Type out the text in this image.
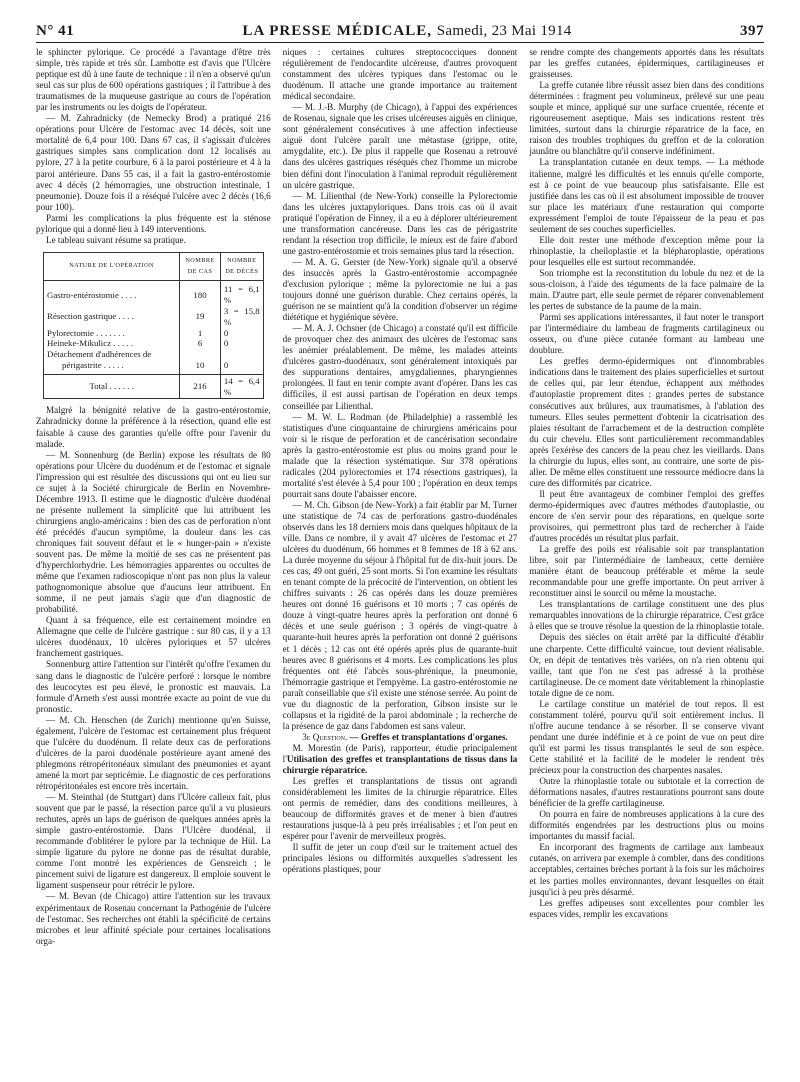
N° 41	LA PRESSE MÉDICALE, Samedi, 23 Mai 1914	397

le sphincter pylorique. Ce procédé a l'avantage d'être très simple, très rapide et très sûr. Lambotte est d'avis que l'Ulcère peptique est dû à une faute de technique : il n'en a observé qu'un seul cas sur plus de 600 opérations gastriques ; il l'attribue à des traumatismes de la muqueuse gastrique au cours de l'opération par les instruments ou les doigts de l'opérateur.

— M. Zahradnicky (de Nemecky Brod) a pratiqué 216 opérations pour Ulcère de l'estomac avec 14 décès, soit une mortalité de 6,4 pour 100. Dans 67 cas, il s'agissait d'ulcères gastriques simples sans complication dont 12 localisés au pylore, 27 à la petite courbure, 6 à la paroi postérieure et 4 à la paroi antérieure. Dans 55 cas, il a fait la gastro-entérostomie avec 4 décès (2 hémorragies, une obstruction intestinale, 1 pneumonie). Douze fois il a réséqué l'ulcère avec 2 décès (16,6 pour 100).

Parmi les complications la plus fréquente est la sténose pylorique qui a donné lieu à 149 interventions.

Le tableau suivant résume sa pratique.

NATURE DE L'OPÉRATION	NOMBRE DE CAS	NOMBRE DE DÉCÈS
Gastro-entérostomie . . . .	180	11 = 6,1 %
Résection gastrique . . . .	19	3 = 15,8 %
Pylorectomie . . . . . . .	1	0
Heineke-Mikulicz . . . . .	6	0
Détachement d'adhérences de		
périgastrite . . . . .	10	0
Total . . . . . .	216	14 = 6,4 %

Malgré la bénignité relative de la gastro-entérostomie, Zahradnicky donne la préférence à la résection, quand elle est faisable à cause des garanties qu'elle offre pour l'avenir du malade.

— M. Sonnenburg (de Berlin) expose les résultats de 80 opérations pour Ulcère du duodénum et de l'estomac et signale l'impression qui est résultée des discussions qui ont eu lieu sur ce sujet à la Société chirurgicale de Berlin en Novembre-Décembre 1913. Il estime que le diagnostic d'ulcère duodénal ne présente nullement la simplicité que lui attribuent les chirurgiens anglo-américains : bien des cas de perforation n'ont été précédés d'aucun symptôme, la douleur dans les cas chroniques fait souvent défaut et le « hunger-pain » n'existe souvent pas. De même la moitié de ses cas ne présentent pas d'hyperchlorhydrie. Les hémorragies apparentes ou occultes de même que l'examen radioscopique n'ont pas non plus la valeur pathognomonique absolue que d'aucuns leur attribuent. En somme, il ne peut jamais s'agir que d'un diagnostic de probabilité.

Quant à sa fréquence, elle est certainement moindre en Allemagne que celle de l'ulcère gastrique : sur 80 cas, il y a 13 ulcères duodénaux, 10 ulcères pyloriques et 57 ulcères franchement gastriques.

Sonnenburg attire l'attention sur l'intérêt qu'offre l'examen du sang dans le diagnostic de l'ulcère perforé : lorsque le nombre des leucocytes est peu élevé, le pronostic est mauvais. La formule d'Arneth s'est aussi montrée exacte au point de vue du pronostic.

— M. Ch. Henschen (de Zurich) mentionne qu'en Suisse, également, l'ulcère de l'estomac est certainement plus fréquent que l'ulcère du duodénum. Il relate deux cas de perforations d'ulcères de la paroi duodénale postérieure ayant amené des phlegmons rétropéritonéaux simulant des pneumonies et ayant amené la mort par septicémie. Le diagnostic de ces perforations rétropéritonéales est encore très incertain.

— M. Steinthal (de Stuttgart) dans l'Ulcère calleux fait, plus souvent que par le passé, la résection parce qu'il a vu plusieurs rechutes, après un laps de guérison de quelques années après la simple gastro-entérostomie. Dans l'Ulcère duodénal, il recommande d'oblitérer le pylore par la technique de Hül. La simple ligature du pylore ne donne pas de résultat durable, comme l'ont montré les expériences de Gensreich ; le pincement suivi de ligature est dangereux. Il emploie souvent le ligament suspenseur pour rétrécir le pylore.

— M. Bevan (de Chicago) attire l'attention sur les travaux expérimentaux de Rosenau concernant la Pathogénie de l'ulcère de l'estomac. Ses recherches ont établi la spécificité de certains microbes et leur affinité spéciale pour certaines localisations orga-

niques : certaines cultures streptococciques donnent régulièrement de l'endocardite ulcéreuse, d'autres provoquent constamment des ulcères typiques dans l'estomac ou le duodénum. Il attache une grande importance au traitement médical secondaire.

— M. J.-B. Murphy (de Chicago), à l'appui des expériences de Rosenau, signale que les crises ulcéreuses aiguës en clinique, sont généralement consécutives à une affection infectieuse aiguë dont l'ulcère paraît une métastase (grippe, otite, amygdalite, etc.). De plus il rappelle que Rosenau a retrouvé dans des ulcères gastriques réséqués chez l'homme un microbe bien défini dont l'inoculation à l'animal reproduit régulièrement un ulcère gastrique.

— M. Lilienthal (de New-York) conseille la Pylorectomie dans les ulcères juxtapyloriques. Dans trois cas où il avait pratiqué l'opération de Finney, il a eu à déplorer ultérieurement une transformation cancéreuse. Dans les cas de périgastrite rendant la résection trop difficile, le mieux est de faire d'abord une gastro-entérostomie et trois semaines plus tard la résection.

— M. A. G. Gerster (de New-York) signale qu'il a observé des insuccès après la Gastro-entérostomie accompagnée d'exclusion pylorique ; même la pylorectomie ne lui a pas toujours donné une guérison durable. Chez certains opérés, la guérison ne se maintient qu'à la condition d'observer un régime diététique et hygiénique sévère.

— M. A. J. Ochsner (de Chicago) a constaté qu'il est difficile de provoquer chez des animaux des ulcères de l'estomac sans les anémier préalablement. De même, les malades atteints d'ulcères gastro-duodénaux, sont généralement intoxiqués par des suppurations dentaires, amygdaliennes, pharyngiennes prolongées. Il faut en tenir compte avant d'opérer. Dans les cas difficiles, il est aussi partisan de l'opération en deux temps conseillée par Lilienthal.

— M. W. L. Rodman (de Philadelphie) a rassemblé les statistiques d'une cinquantaine de chirurgiens américains pour voir si le risque de perforation et de cancérisation secondaire après la gastro-entérostomie est plus ou moins grand pour le malade que la résection systématique. Sur 378 opérations radicales (204 pylorectomies et 174 résections gastriques), la mortalité s'est élevée à 5,4 pour 100 ; l'opération en deux temps pourrait sans doute l'abaisser encore.

— M. Ch. Gibson (de New-York) a fait établir par M. Turner une statistique de 74 cas de perforations gastro-duodénales observés dans les 18 derniers mois dans quelques hôpitaux de la ville. Dans ce nombre, il y avait 47 ulcères de l'estomac et 27 ulcères du duodénum, 66 hommes et 8 femmes de 18 à 62 ans. La durée moyenne du séjour à l'hôpital fut de dix-huit jours. De ces cas, 49 ont guéri, 25 sont morts. Si l'on examine les résultats en tenant compte de la précocité de l'intervention, on obtient les chiffres suivants : 26 cas opérés dans les douze premières heures ont donné 16 guérisons et 10 morts ; 7 cas opérés de douze à vingt-quatre heures après la perforation ont donné 6 décès et une seule guérison ; 3 opérés de vingt-quatre à quarante-huit heures après la perforation ont donné 2 guérisons et 1 décès ; 12 cas ont été opérés après plus de quarante-huit heures avec 8 guérisons et 4 morts. Les complications les plus fréquentes ont été l'abcès sous-phrénique, la pneumonie, l'hémorragie gastrique et l'empyème. La gastro-entérostomie ne paraît conseillable que s'il existe une sténose serrée. Au point de vue du diagnostic de la perforation, Gibson insiste sur le collapsus et la rigidité de la paroi abdominale ; la recherche de la présence de gaz dans l'abdomen est sans valeur.

3e Question. — Greffes et transplantations d'organes.

M. Morestin (de Paris), rapporteur, étudie principalement l'Utilisation des greffes et transplantations de tissus dans la chirurgie réparatrice.

Les greffes et transplantations de tissus ont agrandi considérablement les limites de la chirurgie réparatrice. Elles ont permis de remédier, dans des conditions meilleures, à beaucoup de difformités graves et de mener à bien d'autres restaurations jusque-là à peu près irréalisables ; et l'on peut en espérer pour l'avenir de merveilleux progrès.

Il suffit de jeter un coup d'œil sur le traitement actuel des principales lésions ou difformités auxquelles s'adressent les opérations plastiques, pour

se rendre compte des changements apportés dans les résultats par les greffes cutanées, épidermiques, cartilagineuses et graisseuses.

La greffe cutanée libre réussit assez bien dans des conditions déterminées : fragment peu volumineux, prélevé sur une peau souple et mince, appliqué sur une surface cruentée, récente et rigoureusement aseptique. Mais ses indications restent très limitées, surtout dans la chirurgie réparatrice de la face, en raison des troubles trophiques du greffon et de la coloration jaunâtre ou blanchâtre qu'il conserve indéfiniment.

La transplantation cutanée en deux temps. — La méthode italienne, malgré les difficultés et les ennuis qu'elle comporte, est à ce point de vue beaucoup plus satisfaisante. Elle est justifiée dans les cas où il est absolument impossible de trouver sur place les matériaux d'une restauration qui comporte expressément l'emploi de toute l'épaisseur de la peau et pas seulement de ses couches superficielles.

Elle doit rester une méthode d'exception même pour la rhinoplastie, la cheiloplastie et la blépharoplastie, opérations pour lesquelles elle est surtout recommandée.

Son triomphe est la reconstitution du lobule du nez et de la sous-cloison, à l'aide des téguments de la face palmaire de la main. D'autre part, elle seule permet de réparer convenablement les pertes de substance de la paume de la main.

Parmi ses applications intéressantes, il faut noter le transport par l'intermédiaire du lambeau de fragments cartilagineux ou osseux, ou d'une pièce cutanée formant au lambeau une doublure.

Les greffes dermo-épidermiques ont d'innombrables indications dans le traitement des plaies superficielles et surtout de celles qui, par leur étendue, échappent aux méthodes d'autoplastie proprement dites : grandes pertes de substance consécutives aux brûlures, aux traumatismes, à l'ablation des tumeurs. Elles seules permettent d'obtenir la cicatrisation des plaies résultant de l'arrachement et de la destruction complète du cuir chevelu. Elles sont particulièrement recommandables après l'exérèse des cancers de la peau chez les vieillards. Dans la chirurgie du lupus, elles sont, au contraire, une sorte de pis-aller. De même elles constituent une ressource médiocre dans la cure des difformités par cicatrice.

Il peut être avantageux de combiner l'emploi des greffes dermo-épidermiques avec d'autres méthodes d'autoplastie, ou encore de s'en servir pour des réparations, en quelque sorte provisoires, qui permettront plus tard de rechercher à l'aide d'autres procédés un résultat plus parfait.

La greffe des poils est réalisable soit par transplantation libre, soit par l'intermédiaire de lambeaux, cette dernière manière étant de beaucoup préférable et même la seule recommandable pour une greffe importante. On peut arriver à reconstituer ainsi le sourcil ou même la moustache.

Les transplantations de cartilage constituent une des plus remarquables innovations de la chirurgie réparatrice. C'est grâce à elles que se trouve résolue la question de la rhinoplastie totale.

Depuis des siècles on était arrêté par la difficulté d'établir une charpente. Cette difficulté vaincue, tout devient réalisable. Or, en dépit de tentatives très variées, on n'a rien obtenu qui vaille, tant que l'on ne s'est pas adressé à la prothèse cartilagineuse. De ce moment date véritablement la rhinoplastie totale digne de ce nom.

Le cartilage constitue un matériel de tout repos. Il est constamment toléré, pourvu qu'il soit entièrement inclus. Il n'offre aucune tendance à se résorber. Il se conserve vivant pendant une durée indéfinie et à ce point de vue on peut dire qu'il est parmi les tissus transplantés le seul de son espèce. Cette stabilité et la facilité de le modeler le rendent très précieux pour la construction des charpentes nasales.

Outre la rhinoplastie totale ou subtotale et la correction de déformations nasales, d'autres restaurations pourront sans doute bénéficier de la greffe cartilagineuse.

On pourra en faire de nombreuses applications à la cure des difformités engendrées par les destructions plus ou moins importantes du massif facial.

En incorporant des fragments de cartilage aux lambeaux cutanés, on arrivera par exemple à combler, dans des conditions acceptables, certaines brèches portant à la fois sur les mâchoires et les parties molles environnantes, devant lesquelles on était jusqu'ici à peu près désarmé.

Les greffes adipeuses sont excellentes pour combler les espaces vides, remplir les excavations
